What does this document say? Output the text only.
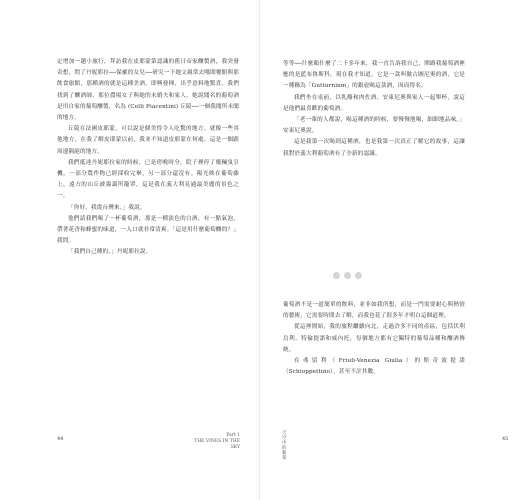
定增加一趟小旅行，拜訪我在皮耶蒙第認識的舊日帝家釀製酒，我突發奇想，問了丹妮耶拉──保羅的女兒──研究一下她父親常去哪間餐館與那飲食旅館，那種酒的就是這種美酒，即興發揮，出乎意料地驚喜。我們找到了釀酒師，那位農場女子與她的未婚夫和家人，她說聞名的葡萄酒是用自家的葡萄釀製，名為 (Colli Piacentini) 丘陵──一個我聞所未聞的地方。

丘陵在法國皮耶蒙，可以說是個美得令人吃驚的地方。就像一些其他地方，在我了解皮耶蒙以前，我並不知道皮耶蒙在何處。這是一個跟周邊隔絕的地方。

我們抵達丹妮耶拉家的時候，已是傍晚時分，院子裡停了幾輛曳引機，一部分農作物已經採收完畢，另一部分還沒有。陽光映在葡萄藤上，遠方的山丘被霧靄所籠罩，這是我在義大利見過最美麗的景色之一。

「你好，我從台灣來。」我說。

他們請我們喝了一杯葡萄酒，那是一種淡色的白酒，有一點氣泡，帶著花香和蜂蜜的味道，一入口就非常清爽。「這是用什麼葡萄釀的？」我問。

「我們自己種的。」丹妮耶拉說。

44
Part 1
THE VINES IN THE SKY

等等──什麼顏什麼了二十多年來，我一直告訴我自己，開路我葡萄酒裡應的是藍布魯斯科，現在我才知道，它是一款叫做古圖尼奧的酒，它是一種稱為「Gutturnium」的銀壺喝這款酒，因而得名。

我們坐在桌前，以乳酪和肉佐酒，安東尼奧與家人一起舉杯，說這是他們最喜歡的葡萄酒。

「老一輩的人都說，喝這種酒的時候，要慢慢地喝，細細地品味。」安東尼奧說。

這是我第一次喝到這種酒，也是我第一次真正了解它的故事，這讓我對於義大利葡萄酒有了全新的認識。

葡萄酒不是一道簡單的飲料，並非如我所想，而是一門需要耐心與熱情的藝術，它需要時間去了解，而我也花了很多年才明白這個道理。

從這裡開始，我的旅程繼續向北，走過許多不同的產區，包括伏利烏利、特倫提諾和威內托，每個地方都有它獨特的葡萄品種和釀酒傳統。

在弗留利（Friuli-Venezia Giulia）的斯奇波提諾（Schioppettino），甚至不計其數。

天空中的葡萄
45
